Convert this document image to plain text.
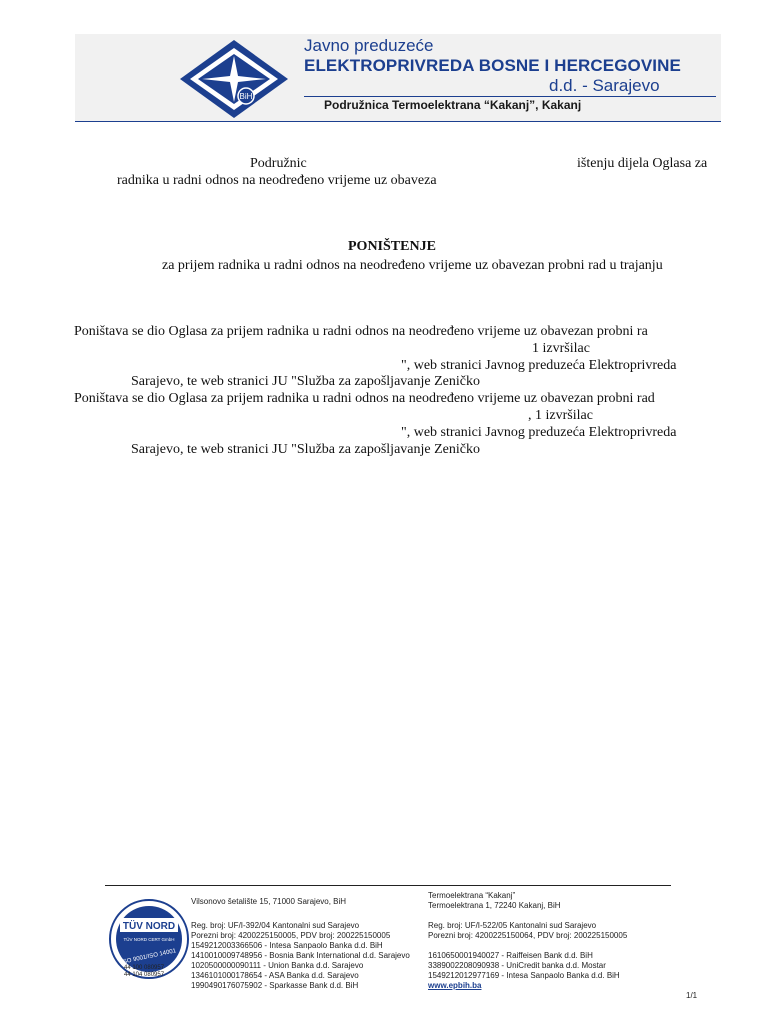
BiH
Javno preduzeće
ELEKTROPRIVREDA BOSNE I HERCEGOVINE
d.d. - Sarajevo
Podružnica Termoelektrana “Kakanj”, Kakanj
Podružnic	ištenju dijela Oglasa za
radnika u radni odnos na neodređeno vrijeme uz obaveza
PONIŠTENJE
za prijem radnika u radni odnos na neodređeno vrijeme uz obavezan probni rad u trajanju
Poništava se dio Oglasa za prijem radnika u radni odnos na neodređeno vrijeme uz obavezan probni ra
1 izvršilac
", web stranici Javnog preduzeća Elektroprivreda
Sarajevo, te web stranici JU "Služba za zapošljavanje Zeničko
Poništava se dio Oglasa za prijem radnika u radni odnos na neodređeno vrijeme uz obavezan probni rad
, 1 izvršilac
", web stranici Javnog preduzeća Elektroprivreda
Sarajevo, te web stranici JU "Služba za zapošljavanje Zeničko
TÜV NORD
TÜV NORD CERT GmbH
ISO 9001/ISO 14001
44 100 080957
44 104 080957
Vilsonovo šetalište 15, 71000 Sarajevo, BiH
Reg. broj: UF/I-392/04 Kantonalni sud Sarajevo
Porezni broj: 4200225150005, PDV broj: 200225150005
1549212003366506 - Intesa Sanpaolo Banka d.d. BiH
1410010009748956 - Bosnia Bank International d.d. Sarajevo
1020500000090111 - Union Banka d.d. Sarajevo
1346101000178654 - ASA Banka d.d. Sarajevo
1990490176075902 - Sparkasse Bank d.d. BiH
Termoelektrana “Kakanj”
Termoelektrana 1, 72240 Kakanj, BiH
Reg. broj: UF/I-522/05 Kantonalni sud Sarajevo
Porezni broj: 4200225150064, PDV broj: 200225150005
1610650001940027 - Raiffeisen Bank d.d. BiH
3389002208090938 - UniCredit banka d.d. Mostar
1549212012977169 - Intesa Sanpaolo Banka d.d. BiH
www.epbih.ba
1/1
